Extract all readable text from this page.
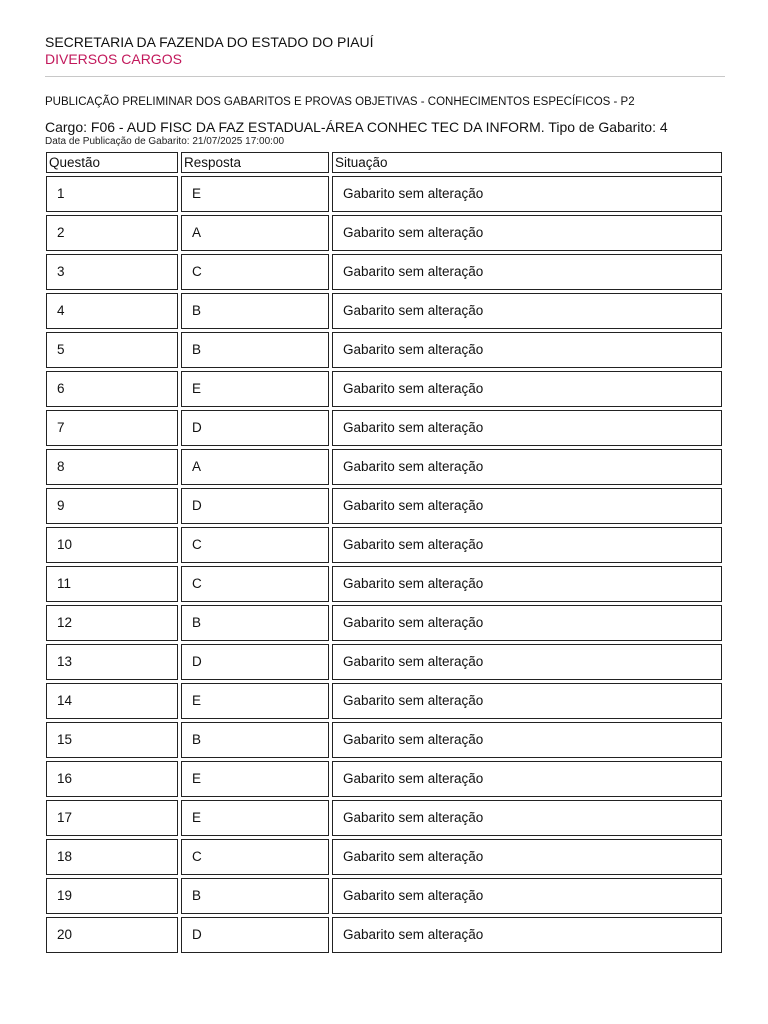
SECRETARIA DA FAZENDA DO ESTADO DO PIAUÍ
DIVERSOS CARGOS
PUBLICAÇÃO PRELIMINAR DOS GABARITOS E PROVAS OBJETIVAS - CONHECIMENTOS ESPECÍFICOS - P2
Cargo: F06 - AUD FISC DA FAZ ESTADUAL-ÁREA CONHEC TEC DA INFORM. Tipo de Gabarito: 4
Data de Publicação de Gabarito: 21/07/2025 17:00:00
Questão	Resposta	Situação
1	E	Gabarito sem alteração
2	A	Gabarito sem alteração
3	C	Gabarito sem alteração
4	B	Gabarito sem alteração
5	B	Gabarito sem alteração
6	E	Gabarito sem alteração
7	D	Gabarito sem alteração
8	A	Gabarito sem alteração
9	D	Gabarito sem alteração
10	C	Gabarito sem alteração
11	C	Gabarito sem alteração
12	B	Gabarito sem alteração
13	D	Gabarito sem alteração
14	E	Gabarito sem alteração
15	B	Gabarito sem alteração
16	E	Gabarito sem alteração
17	E	Gabarito sem alteração
18	C	Gabarito sem alteração
19	B	Gabarito sem alteração
20	D	Gabarito sem alteração
